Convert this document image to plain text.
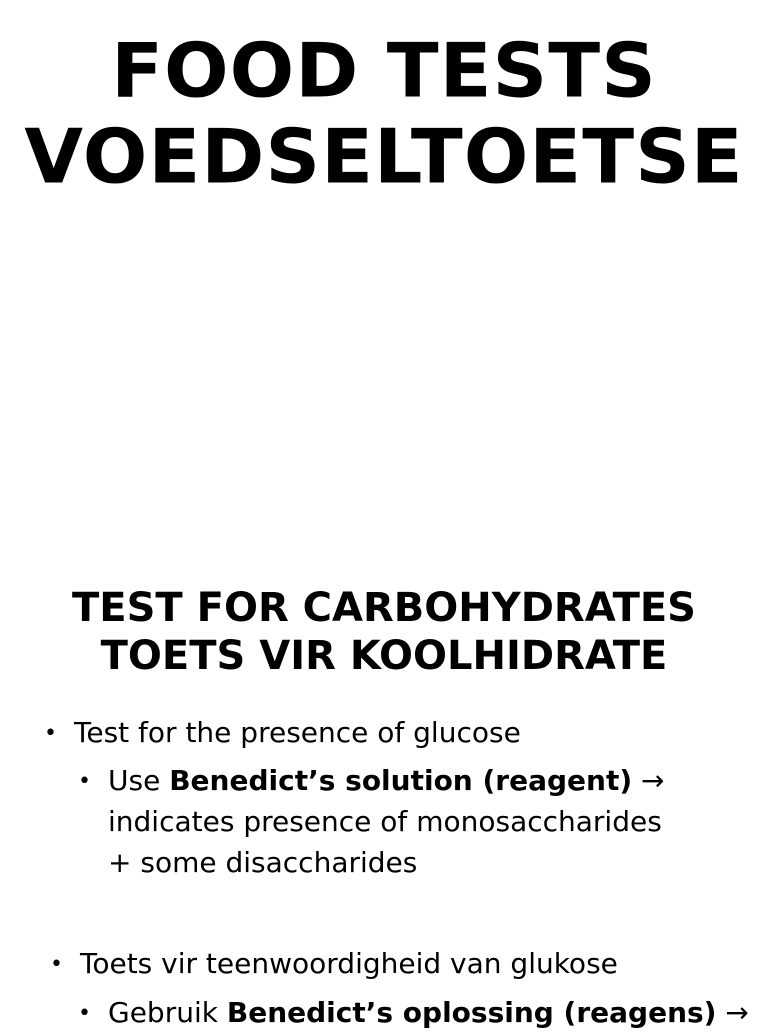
FOOD TESTS
VOEDSELTOETSE
TEST FOR CARBOHYDRATES
TOETS VIR KOOLHIDRATE
• Test for the presence of glucose
• Use Benedict’s solution (reagent) → indicates presence of monosaccharides + some disaccharides
• Toets vir teenwoordigheid van glukose
• Gebruik Benedict’s oplossing (reagens) →
